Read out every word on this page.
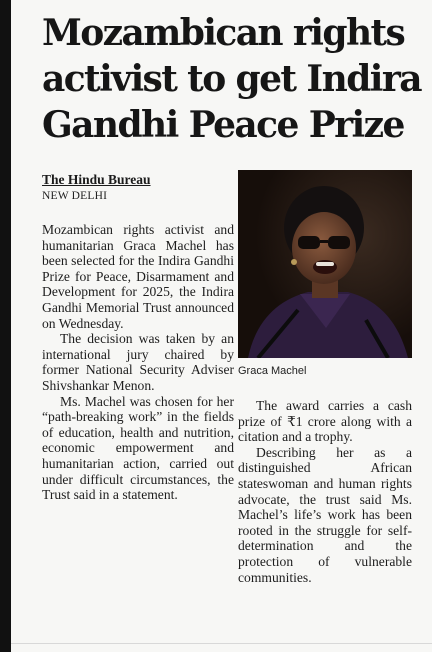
Mozambican rights activist to get Indira Gandhi Peace Prize
The Hindu Bureau
NEW DELHI

Mozambican rights activist and humanitarian Graca Machel has been selected for the Indira Gandhi Prize for Peace, Disarmament and Development for 2025, the Indira Gandhi Memorial Trust announced on Wednesday.

The decision was taken by an international jury chaired by former National Security Adviser Shivshankar Menon.

Ms. Machel was chosen for her “path-breaking work” in the fields of education, health and nutrition, economic empowerment and humanitarian action, carried out under difficult circumstances, the Trust said in a statement.

Graca Machel

The award carries a cash prize of ₹1 crore along with a citation and a trophy.

Describing her as a distinguished African stateswoman and human rights advocate, the trust said Ms. Machel’s life’s work has been rooted in the struggle for self-determination and the protection of vulnerable communities.
